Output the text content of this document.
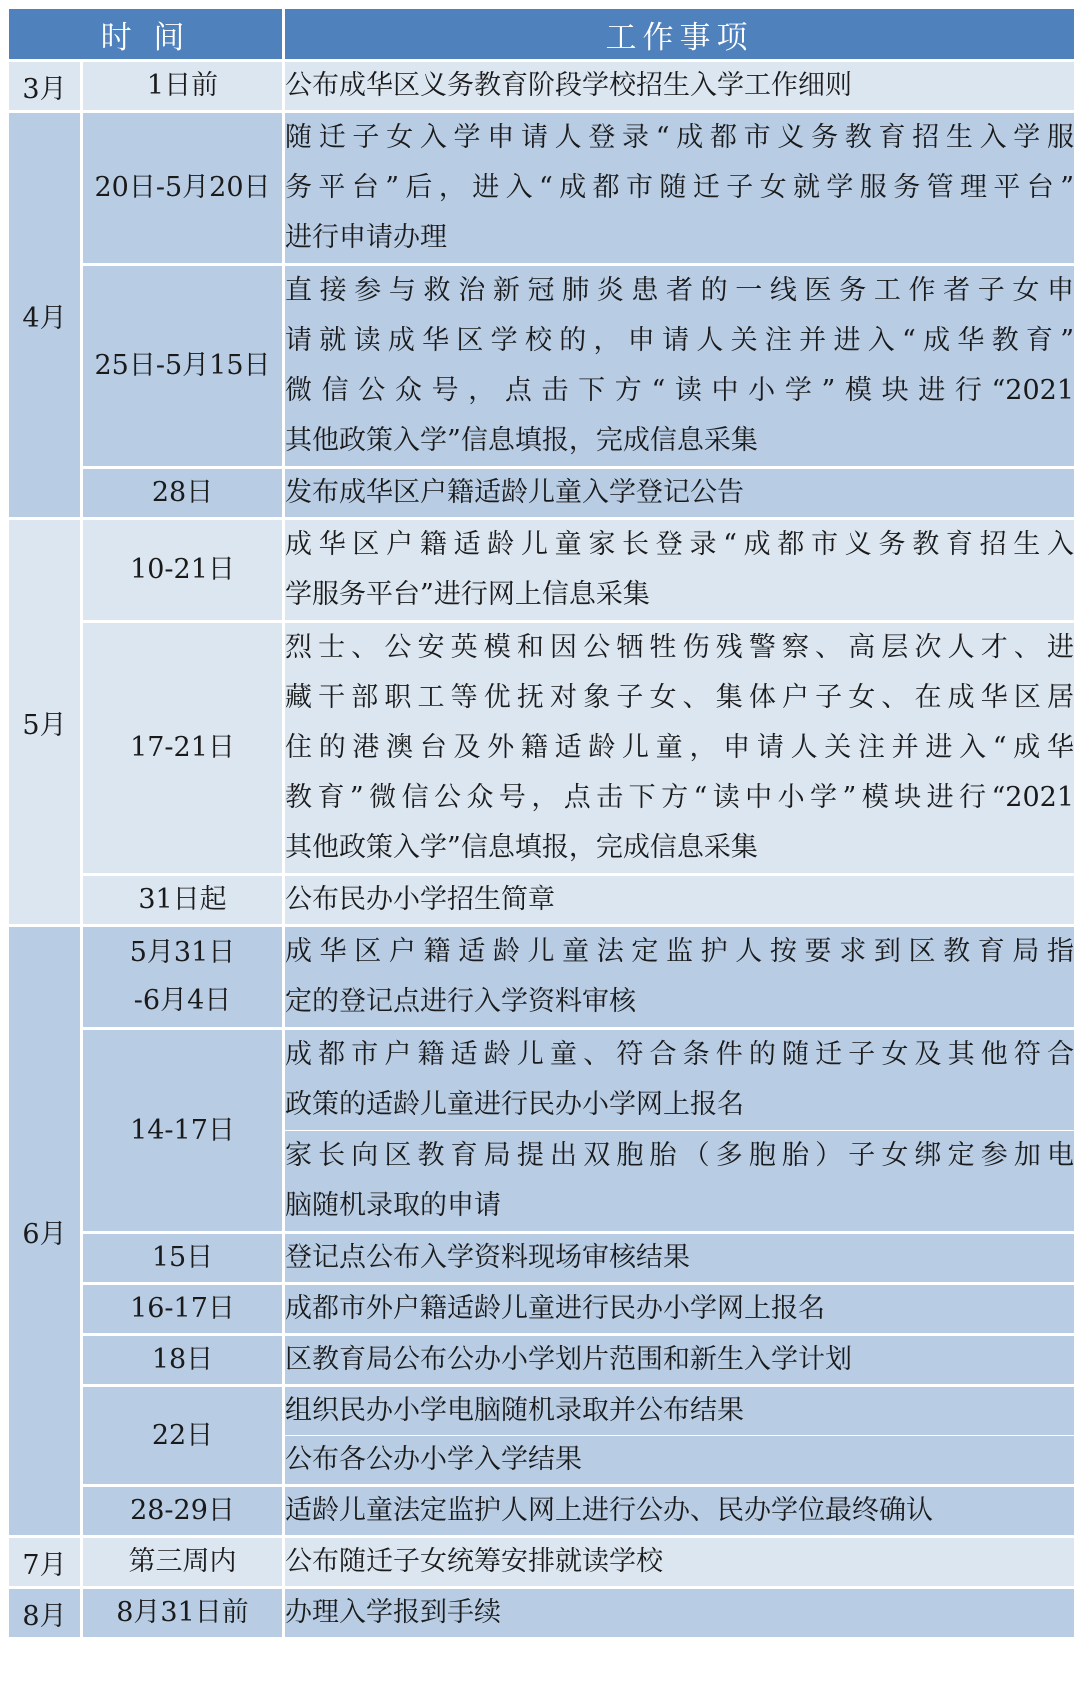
时 间		工作事项
3月	1日前	公布成华区义务教育阶段学校招生入学工作细则

4月	20日-5月20日	随迁子女入学申请人登录“成都市义务教育招生入学服
务平台”后，进入“成都市随迁子女就学服务管理平台”
进行申请办理

	25日-5月15日	直接参与救治新冠肺炎患者的一线医务工作者子女申
请就读成华区学校的，申请人关注并进入“成华教育”
微信公众号，点击下方“读中小学”模块进行“2021
其他政策入学”信息填报，完成信息采集

	28日	发布成华区户籍适龄儿童入学登记公告

5月	10-21日	成华区户籍适龄儿童家长登录“成都市义务教育招生入
学服务平台”进行网上信息采集

	17-21日	烈士、公安英模和因公牺牲伤残警察、高层次人才、进
藏干部职工等优抚对象子女、集体户子女、在成华区居
住的港澳台及外籍适龄儿童，申请人关注并进入“成华
教育”微信公众号，点击下方“读中小学”模块进行“2021
其他政策入学”信息填报，完成信息采集

	31日起	公布民办小学招生简章

6月	5月31日
-6月4日	成华区户籍适龄儿童法定监护人按要求到区教育局指
定的登记点进行入学资料审核

	14-17日	成都市户籍适龄儿童、符合条件的随迁子女及其他符合
政策的适龄儿童进行民办小学网上报名
家长向区教育局提出双胞胎（多胞胎）子女绑定参加电
脑随机录取的申请

	15日	登记点公布入学资料现场审核结果

	16-17日	成都市外户籍适龄儿童进行民办小学网上报名

	18日	区教育局公布公办小学划片范围和新生入学计划

	22日	组织民办小学电脑随机录取并公布结果
公布各公办小学入学结果

	28-29日	适龄儿童法定监护人网上进行公办、民办学位最终确认

7月	第三周内	公布随迁子女统筹安排就读学校

8月	8月31日前	办理入学报到手续
